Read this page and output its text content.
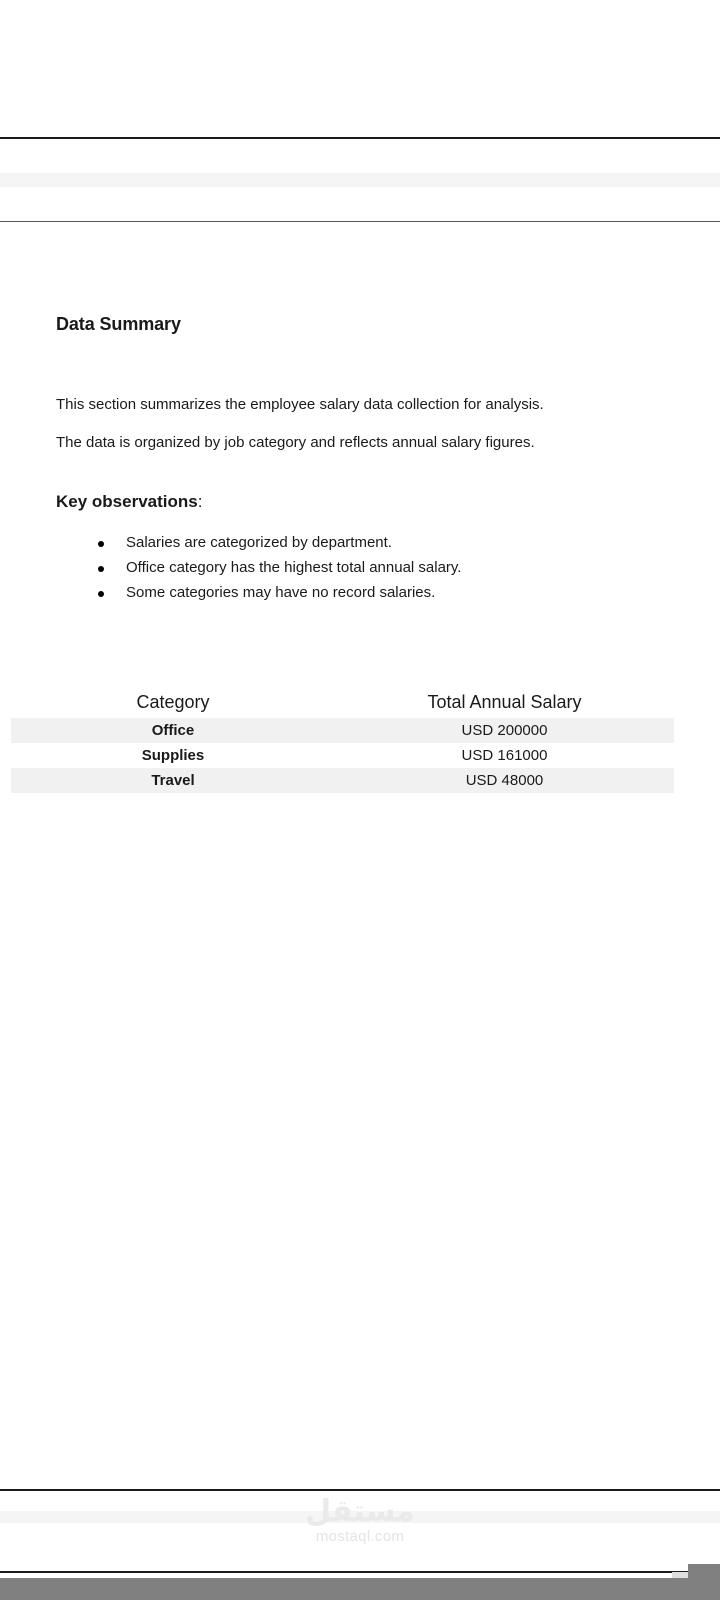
Data Summary

This section summarizes the employee salary data collection for analysis.

The data is organized by job category and reflects annual salary figures.

Key observations:
Salaries are categorized by department.
Office category has the highest total annual salary.
Some categories may have no record salaries.
Category	Total Annual Salary
Office	USD 200000
Supplies	USD 161000
Travel	USD 48000
مستقل
mostaql.com
